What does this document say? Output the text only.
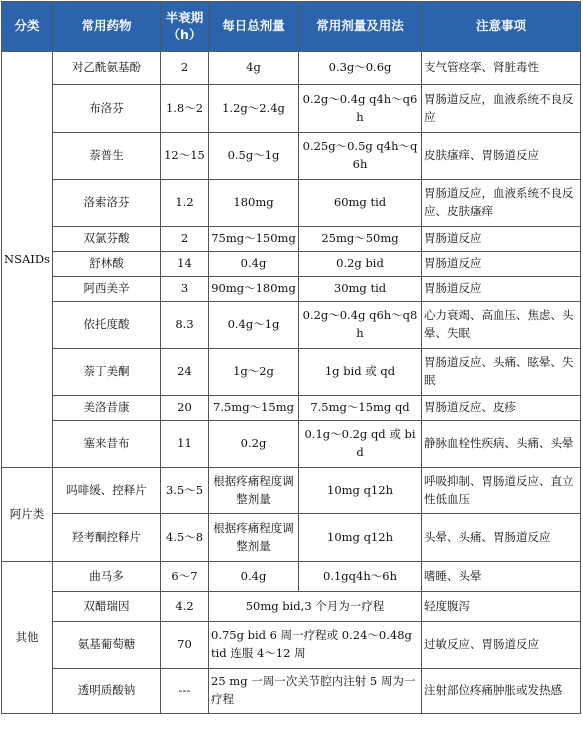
分类	常用药物	半衰期（h）	每日总剂量	常用剂量及用法	注意事项
NSAIDs	对乙酰氨基酚	2	4g	0.3g～0.6g	支气管痉挛、肾脏毒性
	布洛芬	1.8～2	1.2g～2.4g	0.2g～0.4g q4h～q6h	胃肠道反应，血液系统不良反应
	萘普生	12～15	0.5g～1g	0.25g～0.5g q4h～q6h	皮肤瘙痒、胃肠道反应
	洛索洛芬	1.2	180mg	60mg tid	胃肠道反应，血液系统不良反应、皮肤瘙痒
	双氯芬酸	2	75mg～150mg	25mg～50mg	胃肠道反应
	舒林酸	14	0.4g	0.2g bid	胃肠道反应
	阿西美辛	3	90mg～180mg	30mg tid	胃肠道反应
	依托度酸	8.3	0.4g～1g	0.2g～0.4g q6h～q8h	心力衰竭、高血压、焦虑、头晕、失眠
	萘丁美酮	24	1g～2g	1g bid 或 qd	胃肠道反应、头痛、眩晕、失眠
	美洛昔康	20	7.5mg～15mg	7.5mg～15mg qd	胃肠道反应、皮疹
	塞来昔布	11	0.2g	0.1g～0.2g qd 或 bid	静脉血栓性疾病、头痛、头晕
阿片类	吗啡缓、控释片	3.5～5	根据疼痛程度调整剂量	10mg q12h	呼吸抑制、胃肠道反应、直立性低血压
	羟考酮控释片	4.5～8	根据疼痛程度调整剂量	10mg q12h	头晕、头痛、胃肠道反应
其他	曲马多	6～7	0.4g	0.1gq4h～6h	嗜睡、头晕
	双醋瑞因	4.2	50mg bid,3 个月为一疗程		轻度腹泻
	氨基葡萄糖	70	0.75g bid 6 周一疗程或 0.24～0.48g tid 连服 4～12 周		过敏反应、胃肠道反应
	透明质酸钠	---	25 mg 一周一次关节腔内注射 5 周为一疗程		注射部位疼痛肿胀或发热感
